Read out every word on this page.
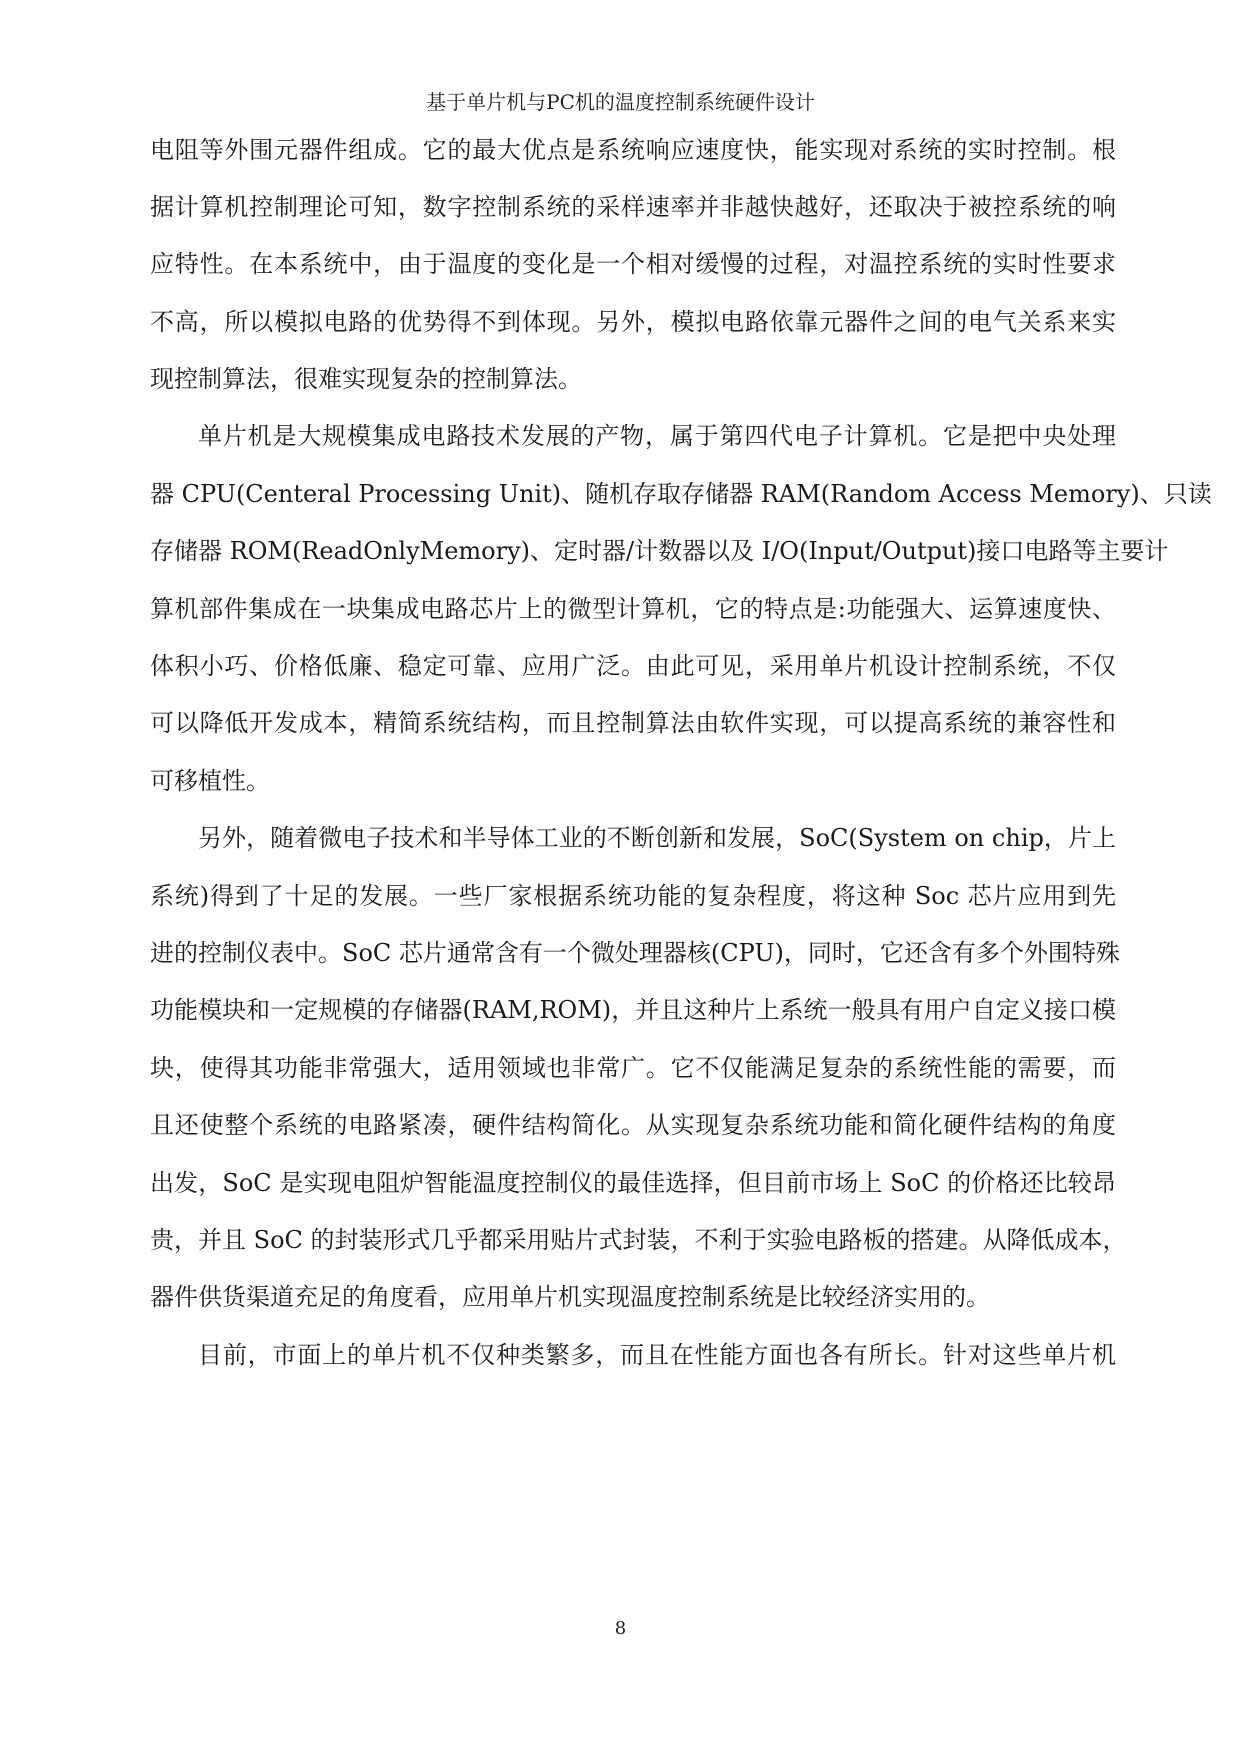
基于单片机与PC机的温度控制系统硬件设计
电阻等外围元器件组成。它的最大优点是系统响应速度快，能实现对系统的实时控制。根
据计算机控制理论可知，数字控制系统的采样速率并非越快越好，还取决于被控系统的响
应特性。在本系统中，由于温度的变化是一个相对缓慢的过程，对温控系统的实时性要求
不高，所以模拟电路的优势得不到体现。另外，模拟电路依靠元器件之间的电气关系来实
现控制算法，很难实现复杂的控制算法。
单片机是大规模集成电路技术发展的产物，属于第四代电子计算机。它是把中央处理
器 CPU(Centeral Processing Unit)、随机存取存储器 RAM(Random Access Memory)、只读
存储器 ROM(ReadOnlyMemory)、定时器/计数器以及 I/O(Input/Output)接口电路等主要计
算机部件集成在一块集成电路芯片上的微型计算机，它的特点是:功能强大、运算速度快、
体积小巧、价格低廉、稳定可靠、应用广泛。由此可见，采用单片机设计控制系统，不仅
可以降低开发成本，精简系统结构，而且控制算法由软件实现，可以提高系统的兼容性和
可移植性。
另外，随着微电子技术和半导体工业的不断创新和发展，SoC(System on chip，片上
系统)得到了十足的发展。一些厂家根据系统功能的复杂程度，将这种 Soc 芯片应用到先
进的控制仪表中。SoC 芯片通常含有一个微处理器核(CPU)，同时，它还含有多个外围特殊
功能模块和一定规模的存储器(RAM,ROM)，并且这种片上系统一般具有用户自定义接口模
块，使得其功能非常强大，适用领域也非常广。它不仅能满足复杂的系统性能的需要，而
且还使整个系统的电路紧凑，硬件结构简化。从实现复杂系统功能和简化硬件结构的角度
出发，SoC 是实现电阻炉智能温度控制仪的最佳选择，但目前市场上 SoC 的价格还比较昂
贵，并且 SoC 的封装形式几乎都采用贴片式封装，不利于实验电路板的搭建。从降低成本，
器件供货渠道充足的角度看，应用单片机实现温度控制系统是比较经济实用的。
目前，市面上的单片机不仅种类繁多，而且在性能方面也各有所长。针对这些单片机
8
